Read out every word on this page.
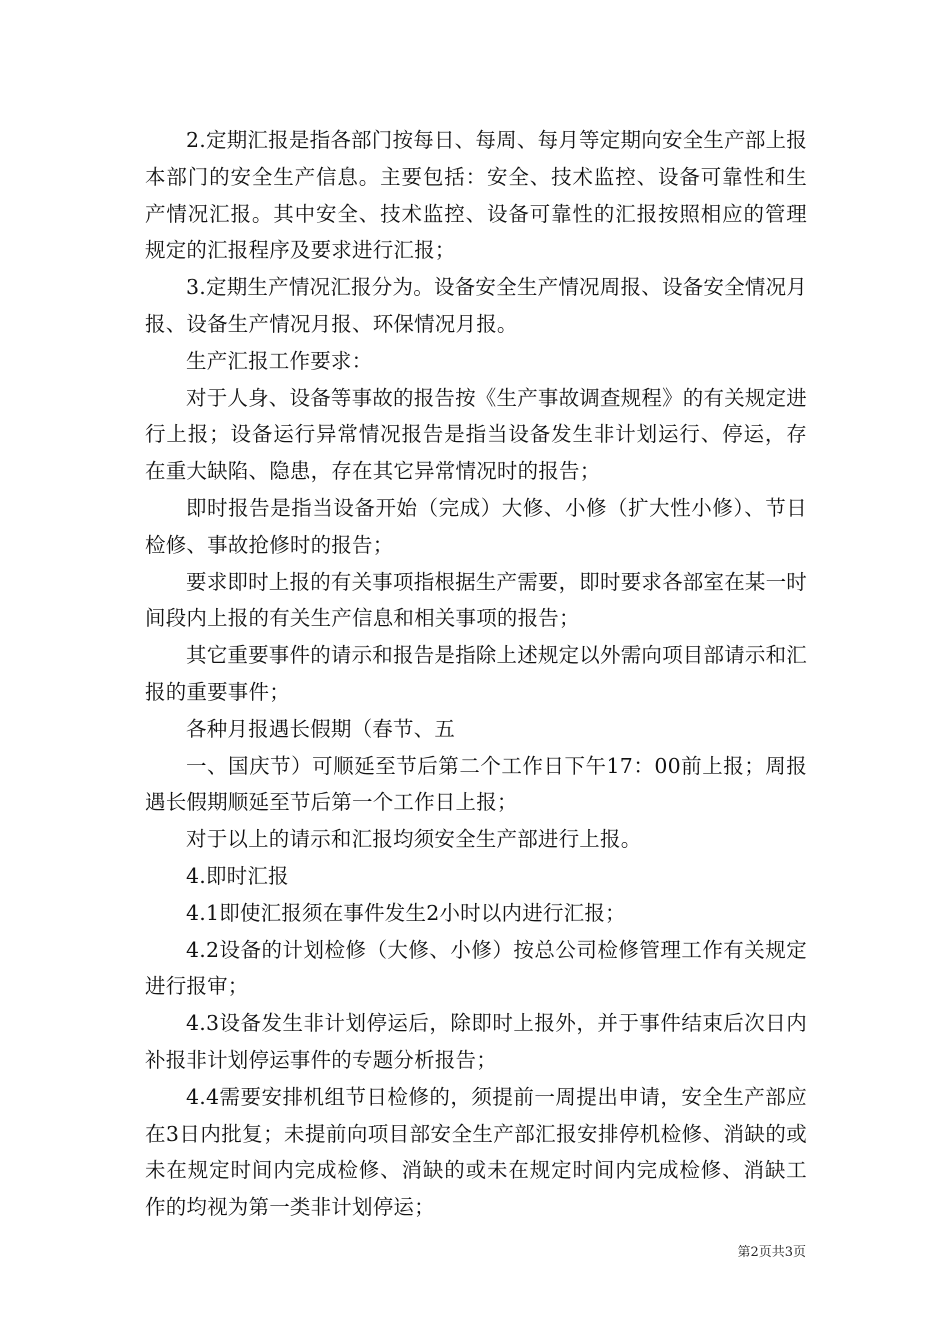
2.定期汇报是指各部门按每日、每周、每月等定期向安全生产部上报本部门的安全生产信息。主要包括：安全、技术监控、设备可靠性和生产情况汇报。其中安全、技术监控、设备可靠性的汇报按照相应的管理规定的汇报程序及要求进行汇报；

3.定期生产情况汇报分为。设备安全生产情况周报、设备安全情况月报、设备生产情况月报、环保情况月报。

生产汇报工作要求：

对于人身、设备等事故的报告按《生产事故调查规程》的有关规定进行上报；设备运行异常情况报告是指当设备发生非计划运行、停运，存在重大缺陷、隐患，存在其它异常情况时的报告；

即时报告是指当设备开始（完成）大修、小修（扩大性小修）、节日检修、事故抢修时的报告；

要求即时上报的有关事项指根据生产需要，即时要求各部室在某一时间段内上报的有关生产信息和相关事项的报告；

其它重要事件的请示和报告是指除上述规定以外需向项目部请示和汇报的重要事件；

各种月报遇长假期（春节、五

一、国庆节）可顺延至节后第二个工作日下午17：00前上报；周报遇长假期顺延至节后第一个工作日上报；

对于以上的请示和汇报均须安全生产部进行上报。

4.即时汇报

4.1即使汇报须在事件发生2小时以内进行汇报；

4.2设备的计划检修（大修、小修）按总公司检修管理工作有关规定进行报审；

4.3设备发生非计划停运后，除即时上报外，并于事件结束后次日内补报非计划停运事件的专题分析报告；

4.4需要安排机组节日检修的，须提前一周提出申请，安全生产部应在3日内批复；未提前向项目部安全生产部汇报安排停机检修、消缺的或未在规定时间内完成检修、消缺的或未在规定时间内完成检修、消缺工作的均视为第一类非计划停运；

第2页共3页
